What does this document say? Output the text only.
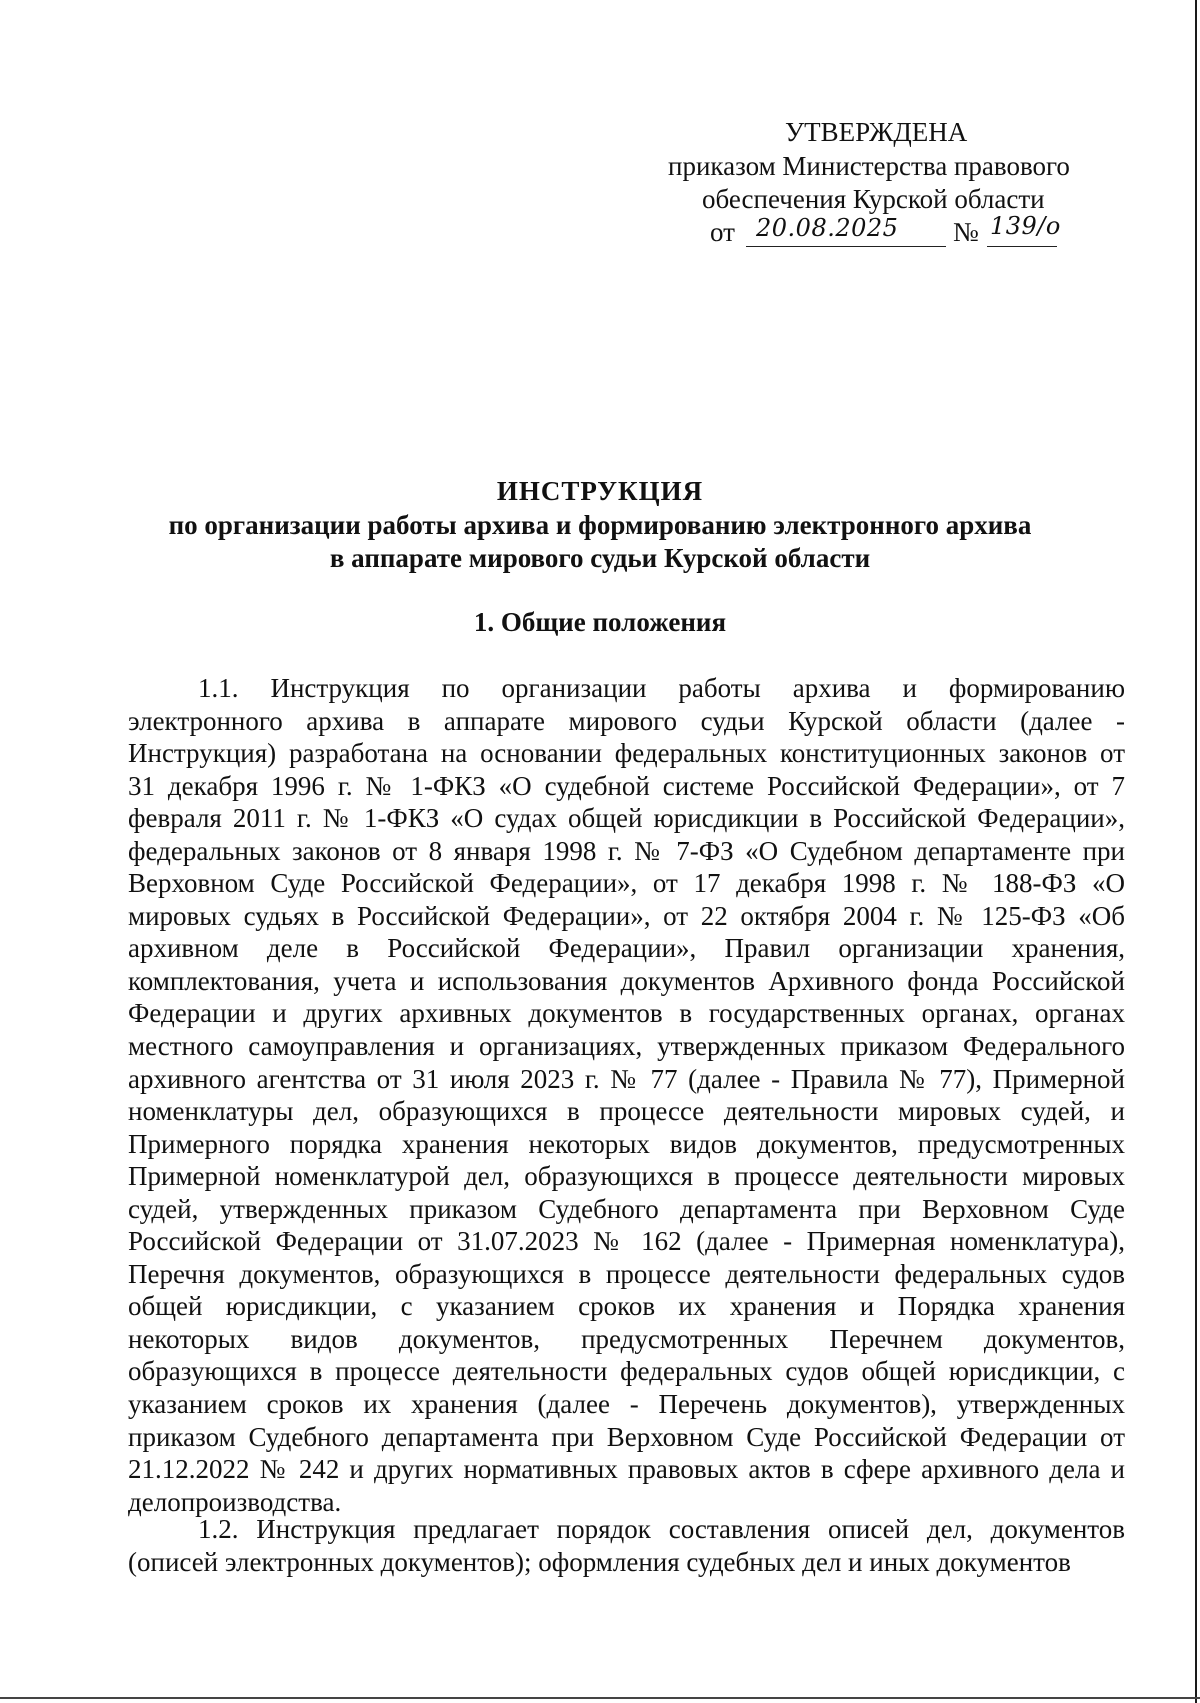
УТВЕРЖДЕНА
приказом Министерства правового
обеспечения Курской области
от 20.08.2025 № 139/о
ИНСТРУКЦИЯ
по организации работы архива и формированию электронного архива
в аппарате мирового судьи Курской области
1. Общие положения
1.1. Инструкция по организации работы архива и формированию
электронного архива в аппарате мирового судьи Курской области (далее -
Инструкция) разработана на основании федеральных конституционных законов от
31 декабря 1996 г. № 1-ФКЗ «О судебной системе Российской Федерации», от 7
февраля 2011 г. № 1-ФКЗ «О судах общей юрисдикции в Российской Федерации»,
федеральных законов от 8 января 1998 г. № 7-ФЗ «О Судебном департаменте при
Верховном Суде Российской Федерации», от 17 декабря 1998 г. № 188-ФЗ «О
мировых судьях в Российской Федерации», от 22 октября 2004 г. № 125-ФЗ «Об
архивном деле в Российской Федерации», Правил организации хранения,
комплектования, учета и использования документов Архивного фонда Российской
Федерации и других архивных документов в государственных органах, органах
местного самоуправления и организациях, утвержденных приказом Федерального
архивного агентства от 31 июля 2023 г. № 77 (далее - Правила № 77), Примерной
номенклатуры дел, образующихся в процессе деятельности мировых судей, и
Примерного порядка хранения некоторых видов документов, предусмотренных
Примерной номенклатурой дел, образующихся в процессе деятельности мировых
судей, утвержденных приказом Судебного департамента при Верховном Суде
Российской Федерации от 31.07.2023 № 162 (далее - Примерная номенклатура),
Перечня документов, образующихся в процессе деятельности федеральных судов
общей юрисдикции, с указанием сроков их хранения и Порядка хранения
некоторых видов документов, предусмотренных Перечнем документов,
образующихся в процессе деятельности федеральных судов общей юрисдикции, с
указанием сроков их хранения (далее - Перечень документов), утвержденных
приказом Судебного департамента при Верховном Суде Российской Федерации от
21.12.2022 № 242 и других нормативных правовых актов в сфере архивного дела и
делопроизводства.
1.2. Инструкция предлагает порядок составления описей дел, документов
(описей электронных документов); оформления судебных дел и иных документов
